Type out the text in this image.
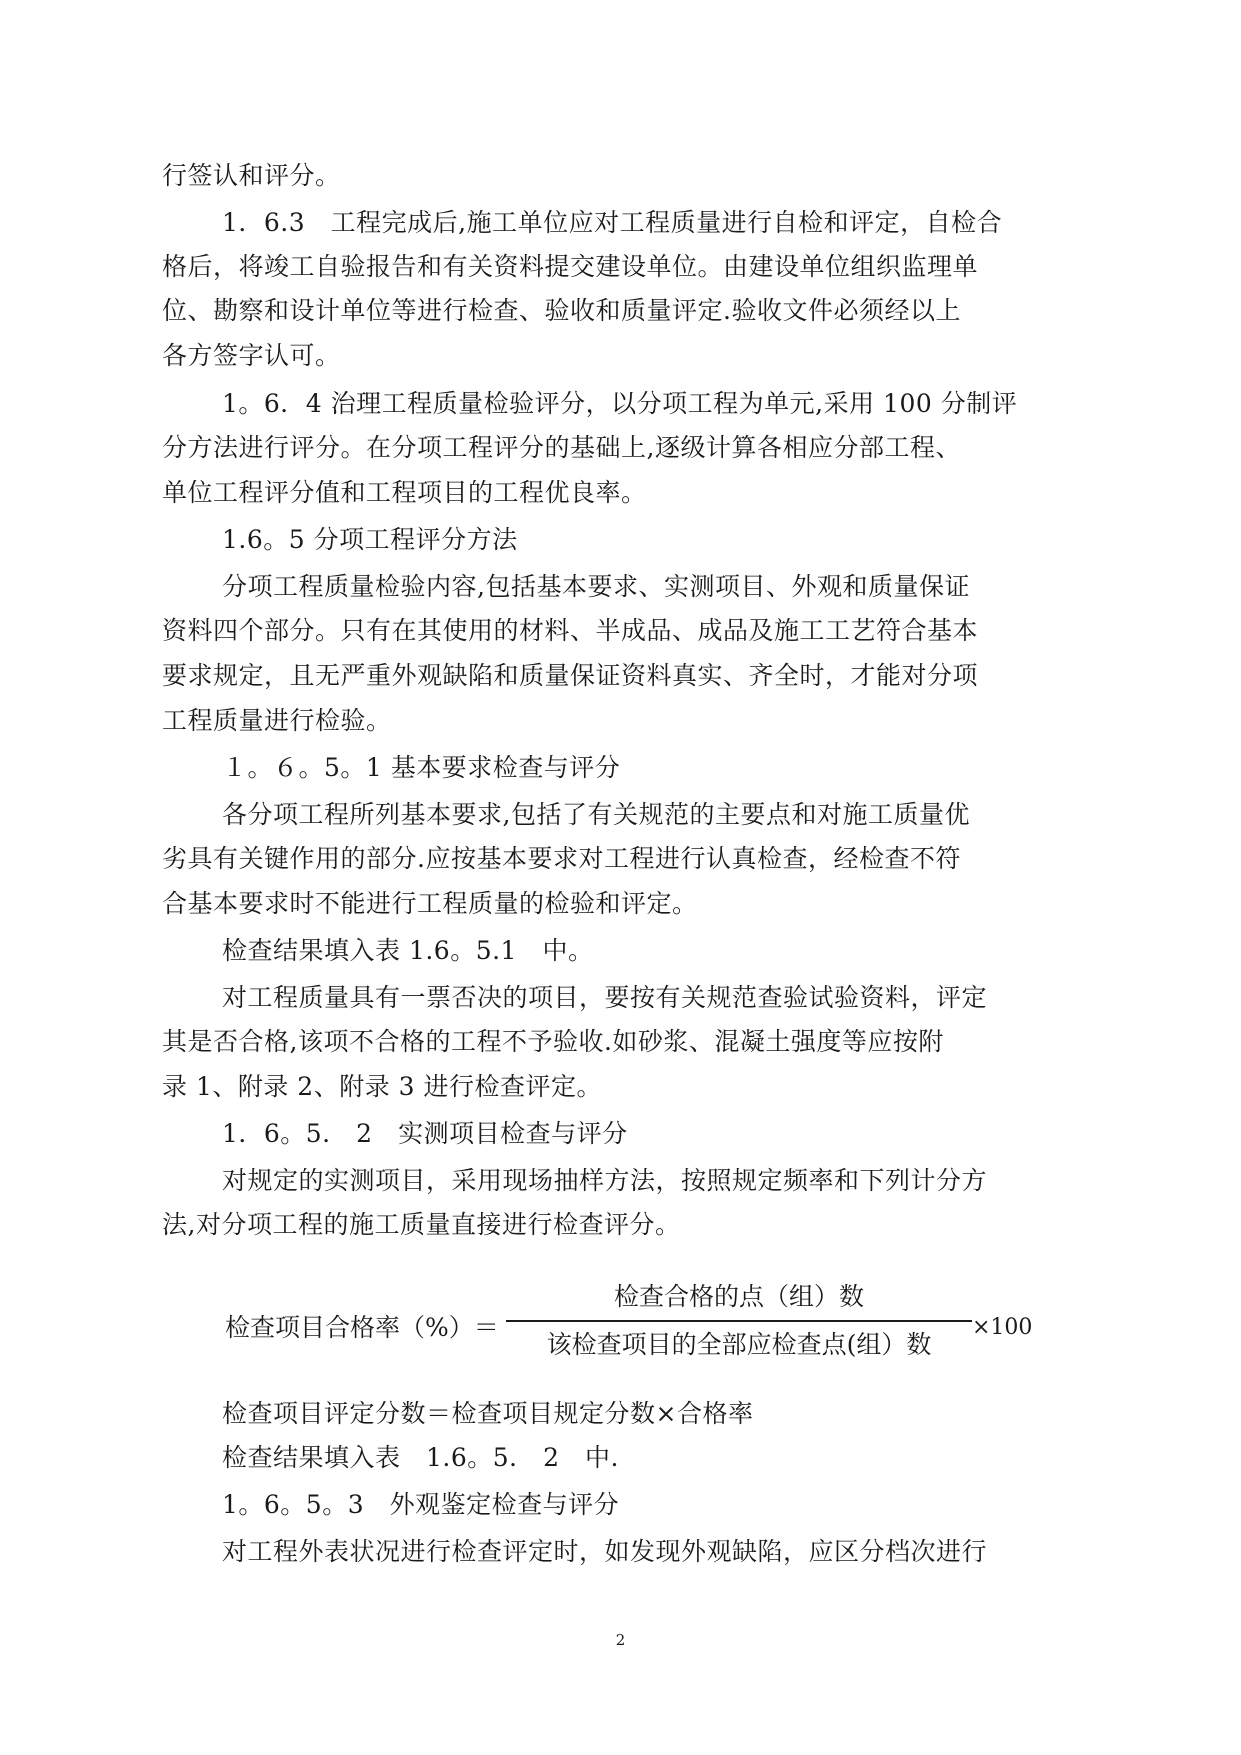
行签认和评分。
1．6.3　工程完成后,施工单位应对工程质量进行自检和评定，自检合
格后，将竣工自验报告和有关资料提交建设单位。由建设单位组织监理单
位、勘察和设计单位等进行检查、验收和质量评定.验收文件必须经以上
各方签字认可。
1。6．4 治理工程质量检验评分，以分项工程为单元,采用 100 分制评
分方法进行评分。在分项工程评分的基础上,逐级计算各相应分部工程、
单位工程评分值和工程项目的工程优良率。
1.6。5 分项工程评分方法
分项工程质量检验内容,包括基本要求、实测项目、外观和质量保证
资料四个部分。只有在其使用的材料、半成品、成品及施工工艺符合基本
要求规定，且无严重外观缺陷和质量保证资料真实、齐全时，才能对分项
工程质量进行检验。
１。６。5。1 基本要求检查与评分
各分项工程所列基本要求,包括了有关规范的主要点和对施工质量优
劣具有关键作用的部分.应按基本要求对工程进行认真检查，经检查不符
合基本要求时不能进行工程质量的检验和评定。
检查结果填入表 1.6。5.1　中。
对工程质量具有一票否决的项目，要按有关规范查验试验资料，评定
其是否合格,该项不合格的工程不予验收.如砂浆、混凝土强度等应按附
录 1、附录 2、附录 3 进行检查评定。
1．6。5． 2　实测项目检查与评分
对规定的实测项目，采用现场抽样方法，按照规定频率和下列计分方
法,对分项工程的施工质量直接进行检查评分。
检查项目合格率（%）＝
检查合格的点（组）数
该检查项目的全部应检查点(组）数
×100
检查项目评定分数＝检查项目规定分数×合格率
检查结果填入表　1.6。5． 2　中.
1。6。5。3　外观鉴定检查与评分
对工程外表状况进行检查评定时，如发现外观缺陷，应区分档次进行
2
